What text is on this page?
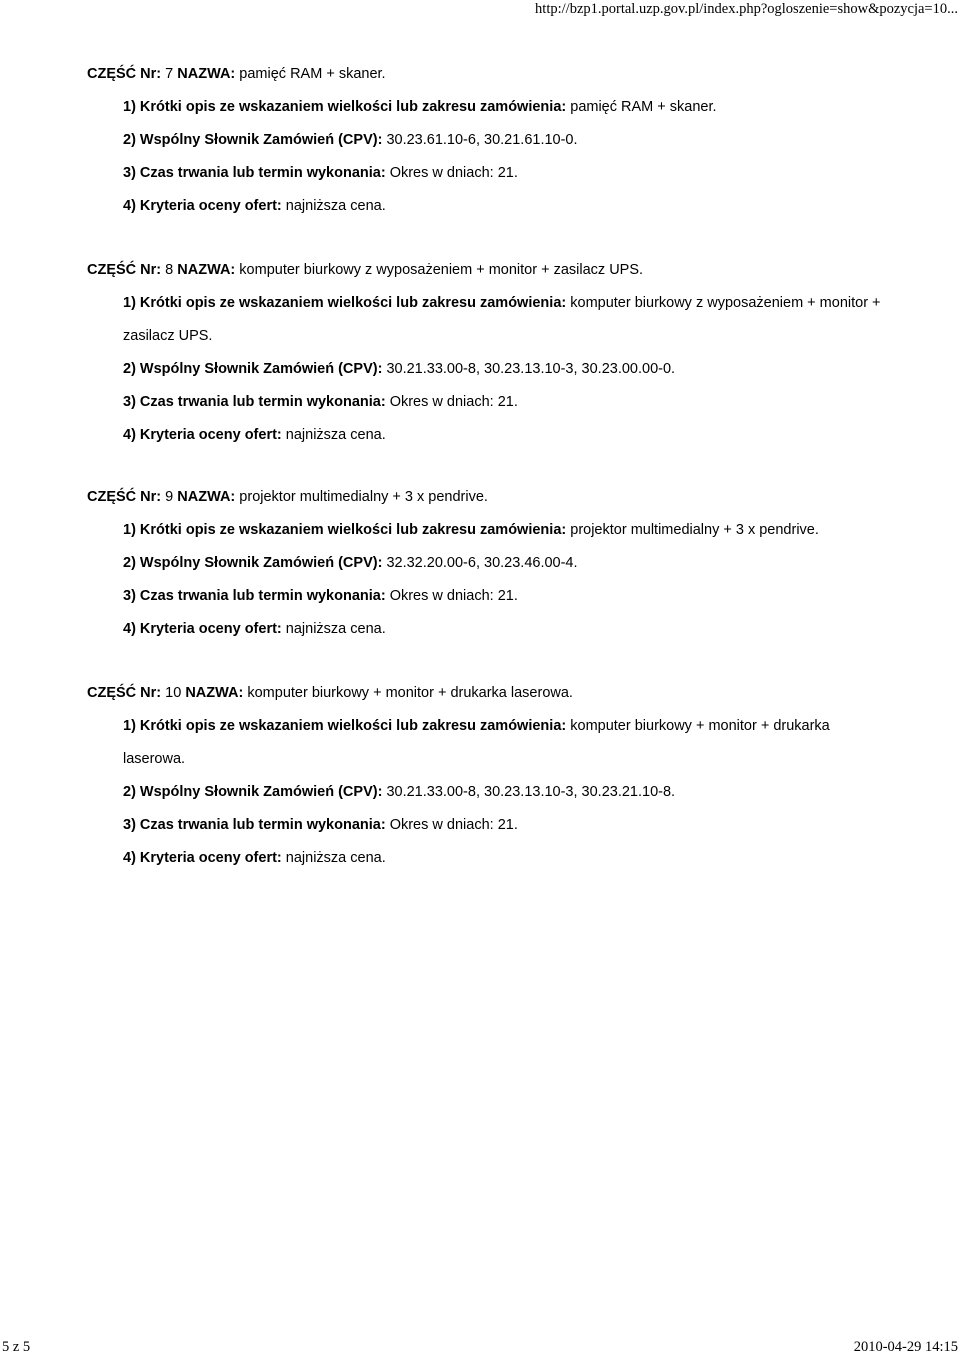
http://bzp1.portal.uzp.gov.pl/index.php?ogloszenie=show&pozycja=10...
CZĘŚĆ Nr: 7 NAZWA: pamięć RAM + skaner.
1) Krótki opis ze wskazaniem wielkości lub zakresu zamówienia: pamięć RAM + skaner.
2) Wspólny Słownik Zamówień (CPV): 30.23.61.10-6, 30.21.61.10-0.
3) Czas trwania lub termin wykonania: Okres w dniach: 21.
4) Kryteria oceny ofert: najniższa cena.
CZĘŚĆ Nr: 8 NAZWA: komputer biurkowy z wyposażeniem + monitor + zasilacz UPS.
1) Krótki opis ze wskazaniem wielkości lub zakresu zamówienia: komputer biurkowy z wyposażeniem + monitor + zasilacz UPS.
2) Wspólny Słownik Zamówień (CPV): 30.21.33.00-8, 30.23.13.10-3, 30.23.00.00-0.
3) Czas trwania lub termin wykonania: Okres w dniach: 21.
4) Kryteria oceny ofert: najniższa cena.
CZĘŚĆ Nr: 9 NAZWA: projektor multimedialny + 3 x pendrive.
1) Krótki opis ze wskazaniem wielkości lub zakresu zamówienia: projektor multimedialny + 3 x pendrive.
2) Wspólny Słownik Zamówień (CPV): 32.32.20.00-6, 30.23.46.00-4.
3) Czas trwania lub termin wykonania: Okres w dniach: 21.
4) Kryteria oceny ofert: najniższa cena.
CZĘŚĆ Nr: 10 NAZWA: komputer biurkowy + monitor + drukarka laserowa.
1) Krótki opis ze wskazaniem wielkości lub zakresu zamówienia: komputer biurkowy + monitor + drukarka laserowa.
2) Wspólny Słownik Zamówień (CPV): 30.21.33.00-8, 30.23.13.10-3, 30.23.21.10-8.
3) Czas trwania lub termin wykonania: Okres w dniach: 21.
4) Kryteria oceny ofert: najniższa cena.
5 z 5	2010-04-29 14:15
